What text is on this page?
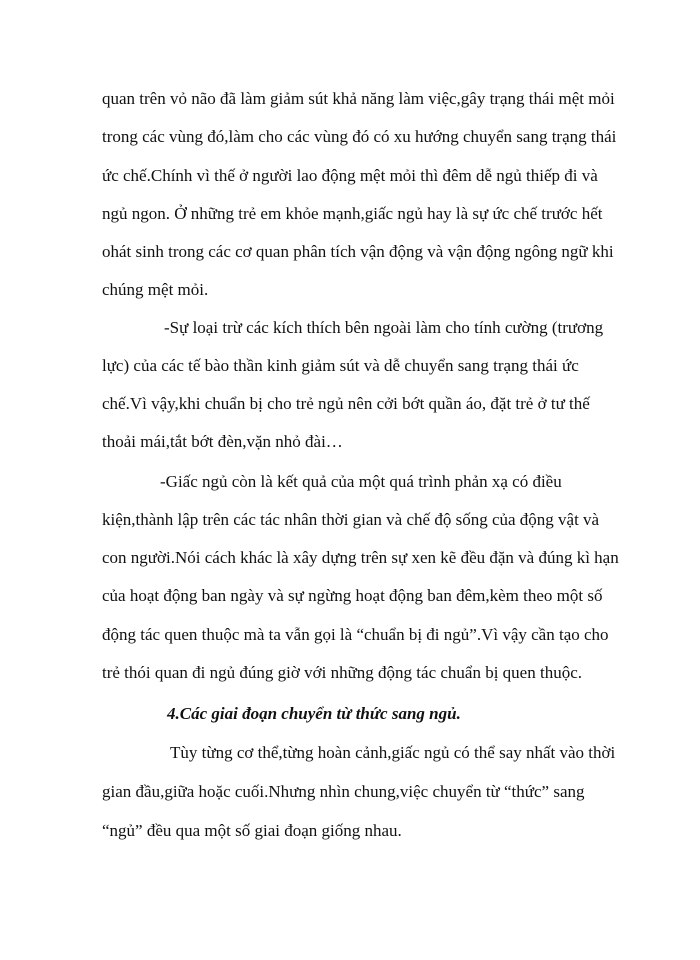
quan trên vỏ não đã làm giảm sút khả năng làm việc,gây trạng thái mệt mỏi
trong các vùng đó,làm cho các vùng đó có xu hướng chuyển sang trạng thái
ức chế.Chính vì thế ở người lao động mệt mỏi thì đêm dễ ngủ thiếp đi và
ngủ ngon. Ở những trẻ em khỏe mạnh,giấc ngủ hay là sự ức chế trước hết
ohát sinh trong các cơ quan phân tích vận động và vận động ngông ngữ khi
chúng mệt mỏi.
-Sự loại trừ các kích thích bên ngoài làm cho tính cường (trương
lực) của các tế bào thần kinh giảm sút và dễ chuyển sang trạng thái ức
chế.Vì vậy,khi chuẩn bị cho trẻ ngủ nên cởi bớt quần áo, đặt trẻ ở tư thế
thoải mái,tắt bớt đèn,vặn nhỏ đài…
-Giấc ngủ còn là kết quả của một quá trình phản xạ có điều
kiện,thành lập trên các tác nhân thời gian và chế độ sống của động vật và
con người.Nói cách khác là xây dựng trên sự xen kẽ đều đặn và đúng kì hạn
của hoạt động ban ngày và sự ngừng hoạt động ban đêm,kèm theo một số
động tác quen thuộc mà ta vẫn gọi là “chuẩn bị đi ngủ”.Vì vậy cần tạo cho
trẻ thói quan đi ngủ đúng giờ với những động tác chuẩn bị quen thuộc.
4.Các giai đoạn chuyển từ thức sang ngủ.
Tùy từng cơ thể,từng hoàn cảnh,giấc ngủ có thể say nhất vào thời
gian đầu,giữa hoặc cuối.Nhưng nhìn chung,việc chuyển từ “thức” sang
“ngủ” đều qua một số giai đoạn giống nhau.
